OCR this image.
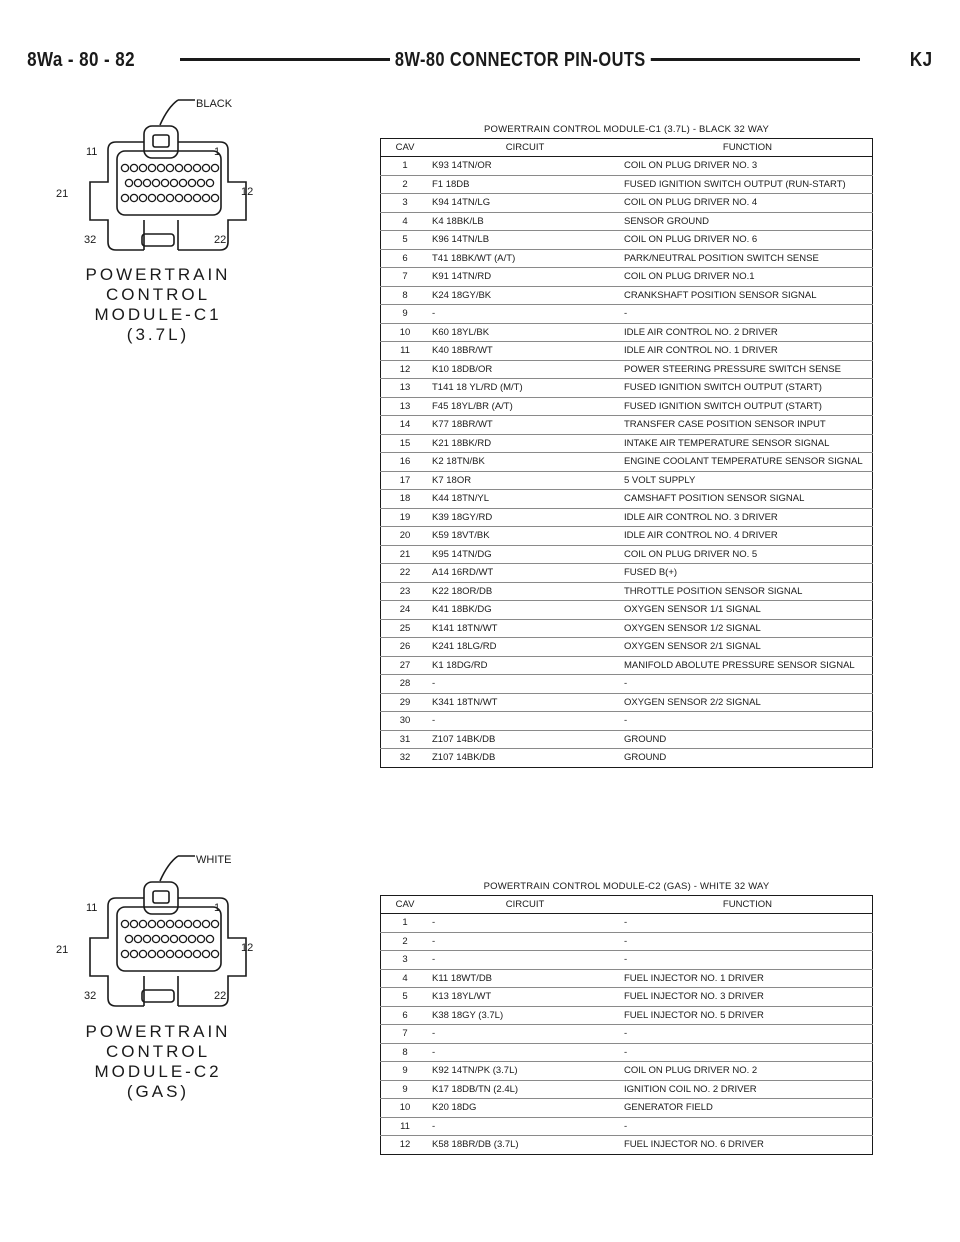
8Wa - 80 - 82	8W-80 CONNECTOR PIN-OUTS	KJ
BLACK
11	1
21	12
32	22
POWERTRAIN
CONTROL
MODULE-C1
(3.7L)
POWERTRAIN CONTROL MODULE-C1 (3.7L) - BLACK 32 WAY
CAV	CIRCUIT	FUNCTION
1	K93 14TN/OR	COIL ON PLUG DRIVER NO. 3
2	F1 18DB	FUSED IGNITION SWITCH OUTPUT (RUN-START)
3	K94 14TN/LG	COIL ON PLUG DRIVER NO. 4
4	K4 18BK/LB	SENSOR GROUND
5	K96 14TN/LB	COIL ON PLUG DRIVER NO. 6
6	T41 18BK/WT (A/T)	PARK/NEUTRAL POSITION SWITCH SENSE
7	K91 14TN/RD	COIL ON PLUG DRIVER NO.1
8	K24 18GY/BK	CRANKSHAFT POSITION SENSOR SIGNAL
9	-	-
10	K60 18YL/BK	IDLE AIR CONTROL NO. 2 DRIVER
11	K40 18BR/WT	IDLE AIR CONTROL NO. 1 DRIVER
12	K10 18DB/OR	POWER STEERING PRESSURE SWITCH SENSE
13	T141 18 YL/RD (M/T)	FUSED IGNITION SWITCH OUTPUT (START)
13	F45 18YL/BR (A/T)	FUSED IGNITION SWITCH OUTPUT (START)
14	K77 18BR/WT	TRANSFER CASE POSITION SENSOR INPUT
15	K21 18BK/RD	INTAKE AIR TEMPERATURE SENSOR SIGNAL
16	K2 18TN/BK	ENGINE COOLANT TEMPERATURE SENSOR SIGNAL
17	K7 18OR	5 VOLT SUPPLY
18	K44 18TN/YL	CAMSHAFT POSITION SENSOR SIGNAL
19	K39 18GY/RD	IDLE AIR CONTROL NO. 3 DRIVER
20	K59 18VT/BK	IDLE AIR CONTROL NO. 4 DRIVER
21	K95 14TN/DG	COIL ON PLUG DRIVER NO. 5
22	A14 16RD/WT	FUSED B(+)
23	K22 18OR/DB	THROTTLE POSITION SENSOR SIGNAL
24	K41 18BK/DG	OXYGEN SENSOR 1/1 SIGNAL
25	K141 18TN/WT	OXYGEN SENSOR 1/2 SIGNAL
26	K241 18LG/RD	OXYGEN SENSOR 2/1 SIGNAL
27	K1 18DG/RD	MANIFOLD ABOLUTE PRESSURE SENSOR SIGNAL
28	-	-
29	K341 18TN/WT	OXYGEN SENSOR 2/2 SIGNAL
30	-	-
31	Z107 14BK/DB	GROUND
32	Z107 14BK/DB	GROUND
WHITE
11	1
21	12
32	22
POWERTRAIN
CONTROL
MODULE-C2
(GAS)
POWERTRAIN CONTROL MODULE-C2 (GAS) - WHITE 32 WAY
CAV	CIRCUIT	FUNCTION
1	-	-
2	-	-
3	-	-
4	K11 18WT/DB	FUEL INJECTOR NO. 1 DRIVER
5	K13 18YL/WT	FUEL INJECTOR NO. 3 DRIVER
6	K38 18GY (3.7L)	FUEL INJECTOR NO. 5 DRIVER
7	-	-
8	-	-
9	K92 14TN/PK (3.7L)	COIL ON PLUG DRIVER NO. 2
9	K17 18DB/TN (2.4L)	IGNITION COIL NO. 2 DRIVER
10	K20 18DG	GENERATOR FIELD
11	-	-
12	K58 18BR/DB (3.7L)	FUEL INJECTOR NO. 6 DRIVER
